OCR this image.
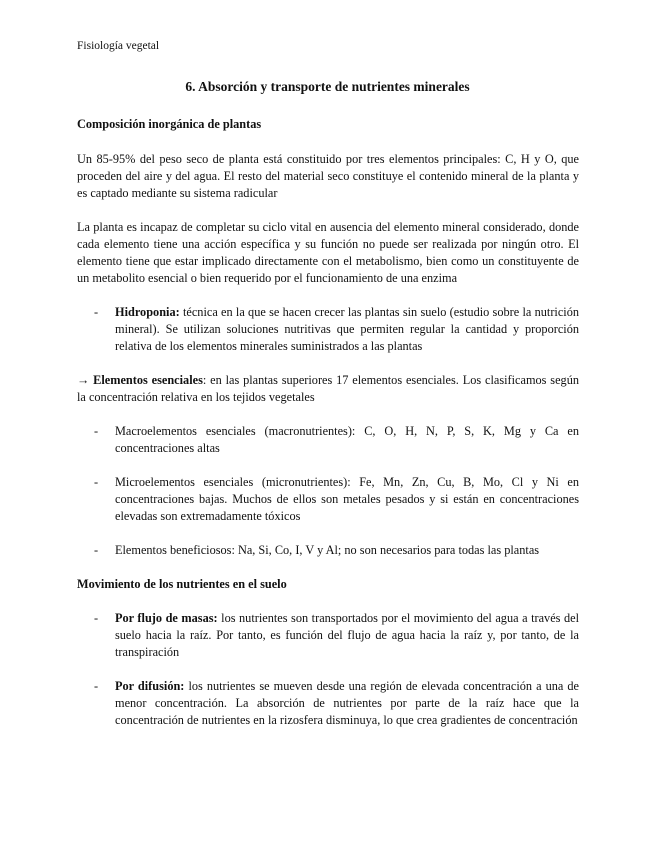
Fisiología vegetal
6. Absorción y transporte de nutrientes minerales
Composición inorgánica de plantas

Un 85-95% del peso seco de planta está constituido por tres elementos principales: C, H y O, que proceden del aire y del agua. El resto del material seco constituye el contenido mineral de la planta y es captado mediante su sistema radicular

La planta es incapaz de completar su ciclo vital en ausencia del elemento mineral considerado, donde cada elemento tiene una acción específica y su función no puede ser realizada por ningún otro. El elemento tiene que estar implicado directamente con el metabolismo, bien como un constituyente de un metabolito esencial o bien requerido por el funcionamiento de una enzima

- Hidroponia: técnica en la que se hacen crecer las plantas sin suelo (estudio sobre la nutrición mineral). Se utilizan soluciones nutritivas que permiten regular la cantidad y proporción relativa de los elementos minerales suministrados a las plantas

→ Elementos esenciales: en las plantas superiores 17 elementos esenciales. Los clasificamos según la concentración relativa en los tejidos vegetales

- Macroelementos esenciales (macronutrientes): C, O, H, N, P, S, K, Mg y Ca en concentraciones altas

- Microelementos esenciales (micronutrientes): Fe, Mn, Zn, Cu, B, Mo, Cl y Ni en concentraciones bajas. Muchos de ellos son metales pesados y si están en concentraciones elevadas son extremadamente tóxicos

- Elementos beneficiosos: Na, Si, Co, I, V y Al; no son necesarios para todas las plantas

Movimiento de los nutrientes en el suelo
- Por flujo de masas: los nutrientes son transportados por el movimiento del agua a través del suelo hacia la raíz. Por tanto, es función del flujo de agua hacia la raíz y, por tanto, de la transpiración

- Por difusión: los nutrientes se mueven desde una región de elevada concentración a una de menor concentración. La absorción de nutrientes por parte de la raíz hace que la concentración de nutrientes en la rizosfera disminuya, lo que crea gradientes de concentración
